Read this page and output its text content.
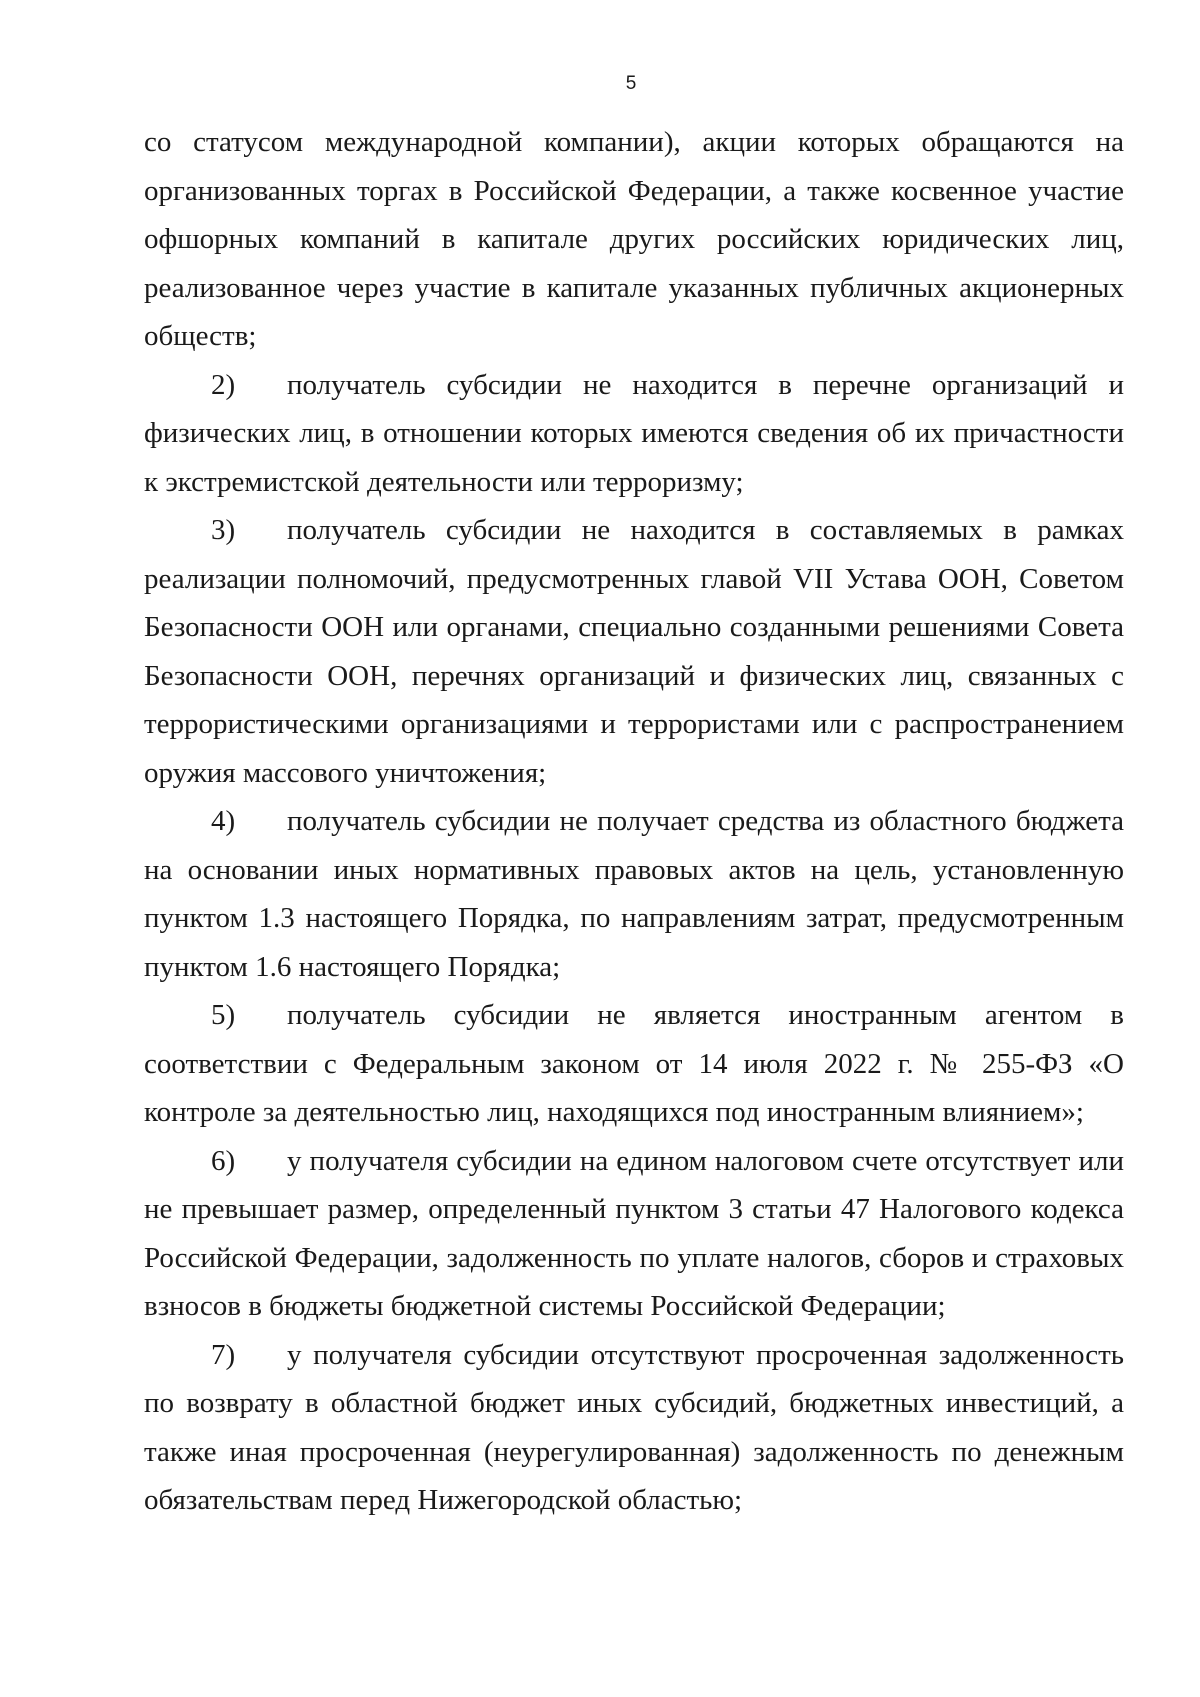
5

со статусом международной компании), акции которых обращаются на организованных торгах в Российской Федерации, а также косвенное участие офшорных компаний в капитале других российских юридических лиц, реализованное через участие в капитале указанных публичных акционерных обществ;

2) получатель субсидии не находится в перечне организаций и физических лиц, в отношении которых имеются сведения об их причастности к экстремистской деятельности или терроризму;

3) получатель субсидии не находится в составляемых в рамках реализации полномочий, предусмотренных главой VII Устава ООН, Советом Безопасности ООН или органами, специально созданными решениями Совета Безопасности ООН, перечнях организаций и физических лиц, связанных с террористическими организациями и террористами или с распространением оружия массового уничтожения;

4) получатель субсидии не получает средства из областного бюджета на основании иных нормативных правовых актов на цель, установленную пунктом 1.3 настоящего Порядка, по направлениям затрат, предусмотренным пунктом 1.6 настоящего Порядка;

5) получатель субсидии не является иностранным агентом в соответствии с Федеральным законом от 14 июля 2022 г. № 255-ФЗ «О контроле за деятельностью лиц, находящихся под иностранным влиянием»;

6) у получателя субсидии на едином налоговом счете отсутствует или не превышает размер, определенный пунктом 3 статьи 47 Налогового кодекса Российской Федерации, задолженность по уплате налогов, сборов и страховых взносов в бюджеты бюджетной системы Российской Федерации;

7) у получателя субсидии отсутствуют просроченная задолженность по возврату в областной бюджет иных субсидий, бюджетных инвестиций, а также иная просроченная (неурегулированная) задолженность по денежным обязательствам перед Нижегородской областью;
